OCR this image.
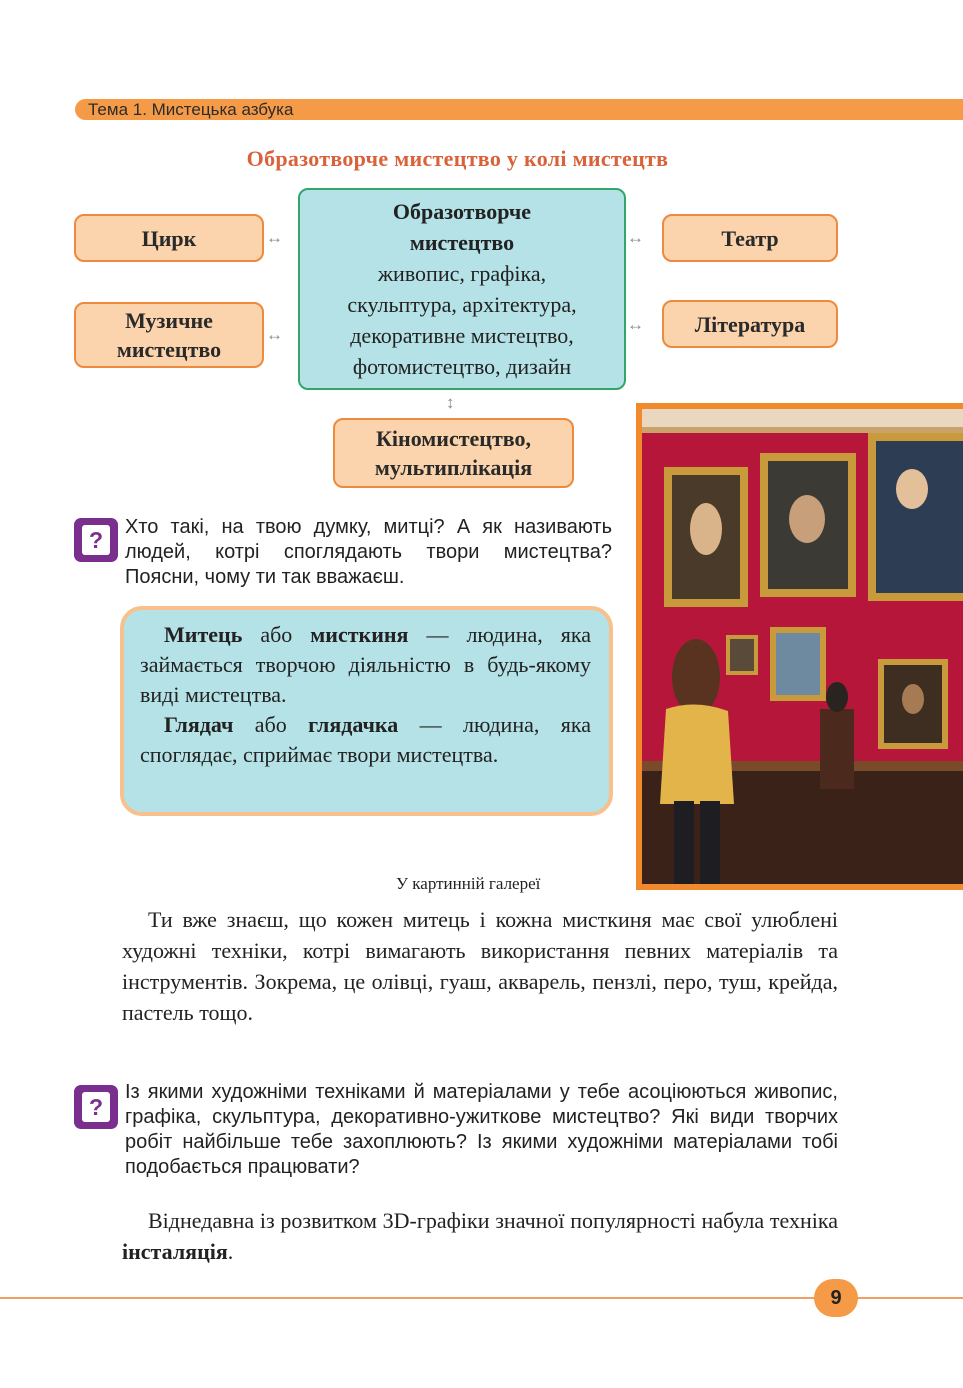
Тема 1. Мистецька азбука
Образотворче мистецтво у колі мистецтв
Цирк	Театр
Музичне
мистецтво
Література
Образотворче
мистецтво
живопис, графіка,
скульптура, архітектура,
декоративне мистецтво,
фотомистецтво, дизайн
Кіномистецтво,
мультиплікація
↔	↔
↔
↔
↕
?	Хто такі, на твою думку, митці? А як називають людей, котрі споглядають твори мистецтва? Поясни, чому ти так вважаєш.

Митець або мисткиня — людина, яка займається творчою діяльністю в будь-якому виді мистецтва.

Глядач або глядачка — людина, яка споглядає, сприймає твори мистецтва.

У картинній галереї

Ти вже знаєш, що кожен митець і кожна мисткиня має свої улюблені художні техніки, котрі вимагають використання певних матеріалів та інструментів. Зокрема, це олівці, гуаш, акварель, пензлі, перо, туш, крейда, пастель тощо.

?
Із якими художніми техніками й матеріалами у тебе асоціюються живопис, графіка, скульптура, декоративно-ужиткове мистецтво? Які види творчих робіт найбільше тебе захоплюють? Із якими художніми матеріалами тобі подобається працювати?

Віднедавна із розвитком 3D-графіки значної популярності набула техніка інсталяція.

9
